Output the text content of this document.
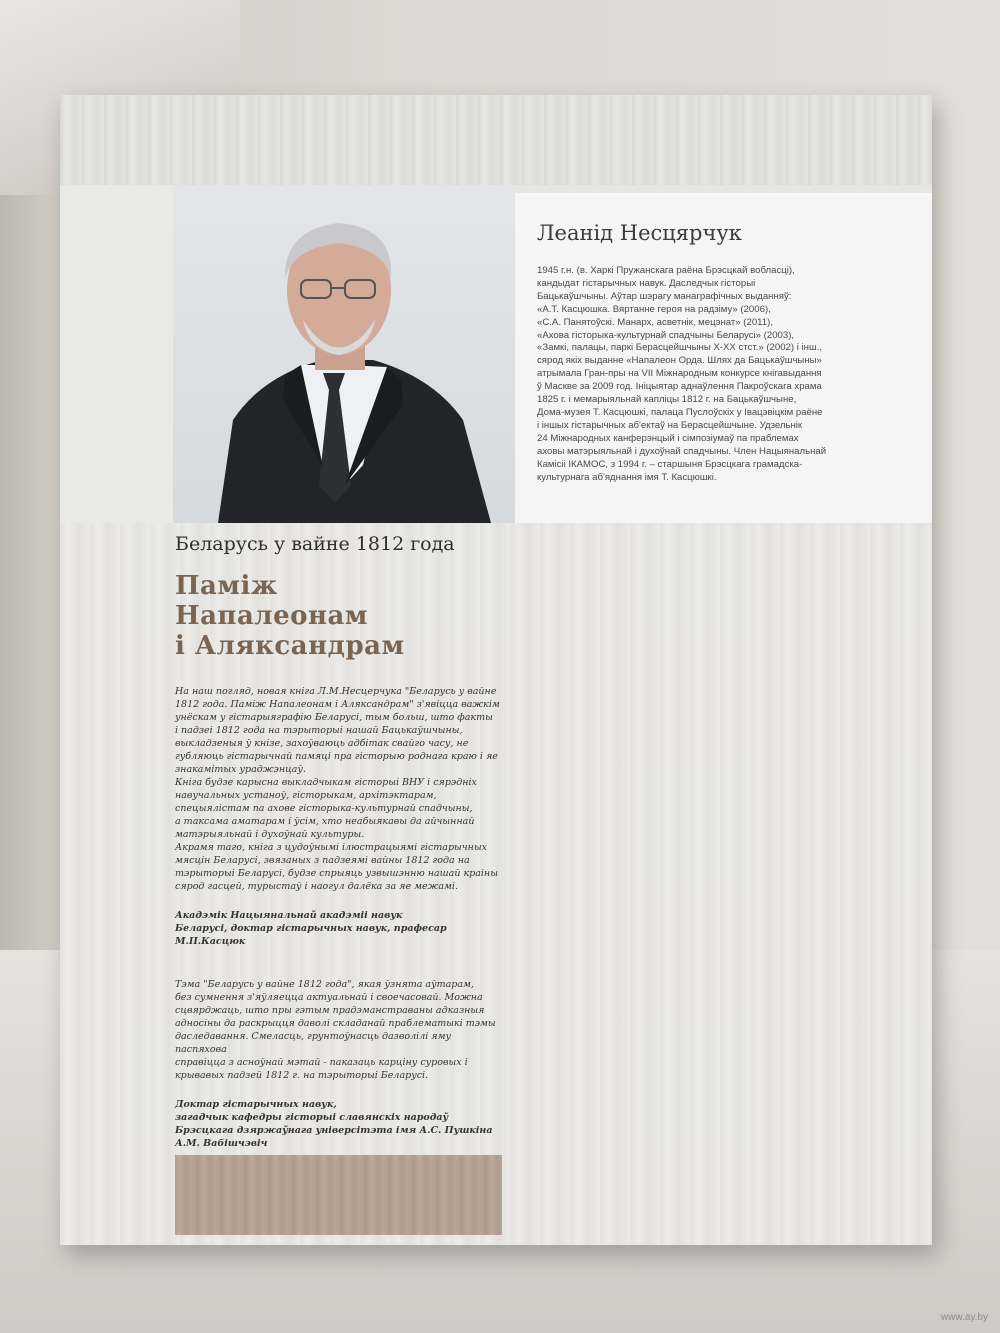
Леанід Несцярчук
1945 г.н. (в. Харкі Пружанскага раёна Брэсцкай вобласці),
кандыдат гістарычных навук. Даследчык гісторыі
Бацькаўшчыны. Аўтар шэрагу манаграфічных выданняў:
«А.Т. Касцюшка. Вяртанне героя на радзіму» (2006),
«С.А. Панятоўскі. Манарх, асветнік, мецэнат» (2011),
«Ахова гісторыка-культурнай спадчыны Беларусі» (2003),
«Замкі, палацы, паркі Берасцейшчыны X-XX стст.» (2002) і інш.,
сярод якіх выданне «Напалеон Орда. Шлях да Бацькаўшчыны»
атрымала Гран-пры на VII Міжнародным конкурсе кнігавыдання
ў Маскве за 2009 год. Ініцыятар аднаўлення Пакроўскага храма
1825 г. і мемарыяльнай капліцы 1812 г. на Бацькаўшчыне,
Дома-музея Т. Касцюшкі, палаца Пуслоўскіх у Івацэвіцкім раёне
і іншых гістарычных аб'ектаў на Берасцейшчыне. Удзельнік
24 Міжнародных канферэнцый і сімпозіумаў па праблемах
аховы матэрыяльнай і духоўнай спадчыны. Член Нацыянальнай
Камісіі ІКАМОС, з 1994 г. – старшыня Брэсцкага грамадска-
культурнага аб'яднання імя Т. Касцюшкі.
Беларусь у вайне 1812 года
Паміж
Напалеонам
і Аляксандрам

На наш погляд, новая кніга Л.М.Несцерчука "Беларусь у вайне

1812 года. Паміж Напалеонам і Аляксандрам" з'явіцца важкім

унёскам у гістарыяграфію Беларусі, тым больш, што факты

і падзеі 1812 года на тэрыторыі нашай Бацькаўшчыны,

выкладзеныя ў кнізе, захоўваюць адбітак свайго часу, не

губляюць гістарычнай памяці пра гісторыю роднага краю і яе

знакамітых ураджэнцаў.

Кніга будзе карысна выкладчыкам гісторыі ВНУ і сярэдніх

навучальных устаноў, гісторыкам, архітэктарам,

спецыялістам па ахове гісторыка-культурнай спадчыны,

а таксама аматарам і ўсім, хто неабыякавы да айчыннай

матэрыяльнай і духоўнай культуры.

Акрамя таго, кніга з цудоўнымі ілюстрацыямі гістарычных

мясцін Беларусі, звязаных з падзеямі вайны 1812 года на

тэрыторыі Беларусі, будзе спрыяць узвышэнню нашай краіны

сярод гасцей, турыстаў і наогул далёка за яе межамі.

Акадэмік Нацыянальнай акадэміі навук

Беларусі, доктар гістарычных навук, прафесар

М.П.Касцюк

Тэма "Беларусь у вайне 1812 года", якая ўзнята аўтарам,

без сумнення з'яўляецца актуальнай і своечасовай. Можна

сцвярджаць, што пры гэтым прадэманстраваны адказныя

адносіны да раскрыцця даволі складанай праблематыкі тэмы

даследавання. Смеласць, грунтоўнасць дазволілі яму паспяхова

справіцца з асноўнай мэтай - паказаць карціну суровых і

крывавых падзей 1812 г. на тэрыторыі Беларусі.

Доктар гістарычных навук,

загадчык кафедры гісторыі славянскіх народаў

Брэсцкага дзяржаўнага універсітэта імя А.С. Пушкіна

А.М. Вабішчэвіч

www.ay.by
